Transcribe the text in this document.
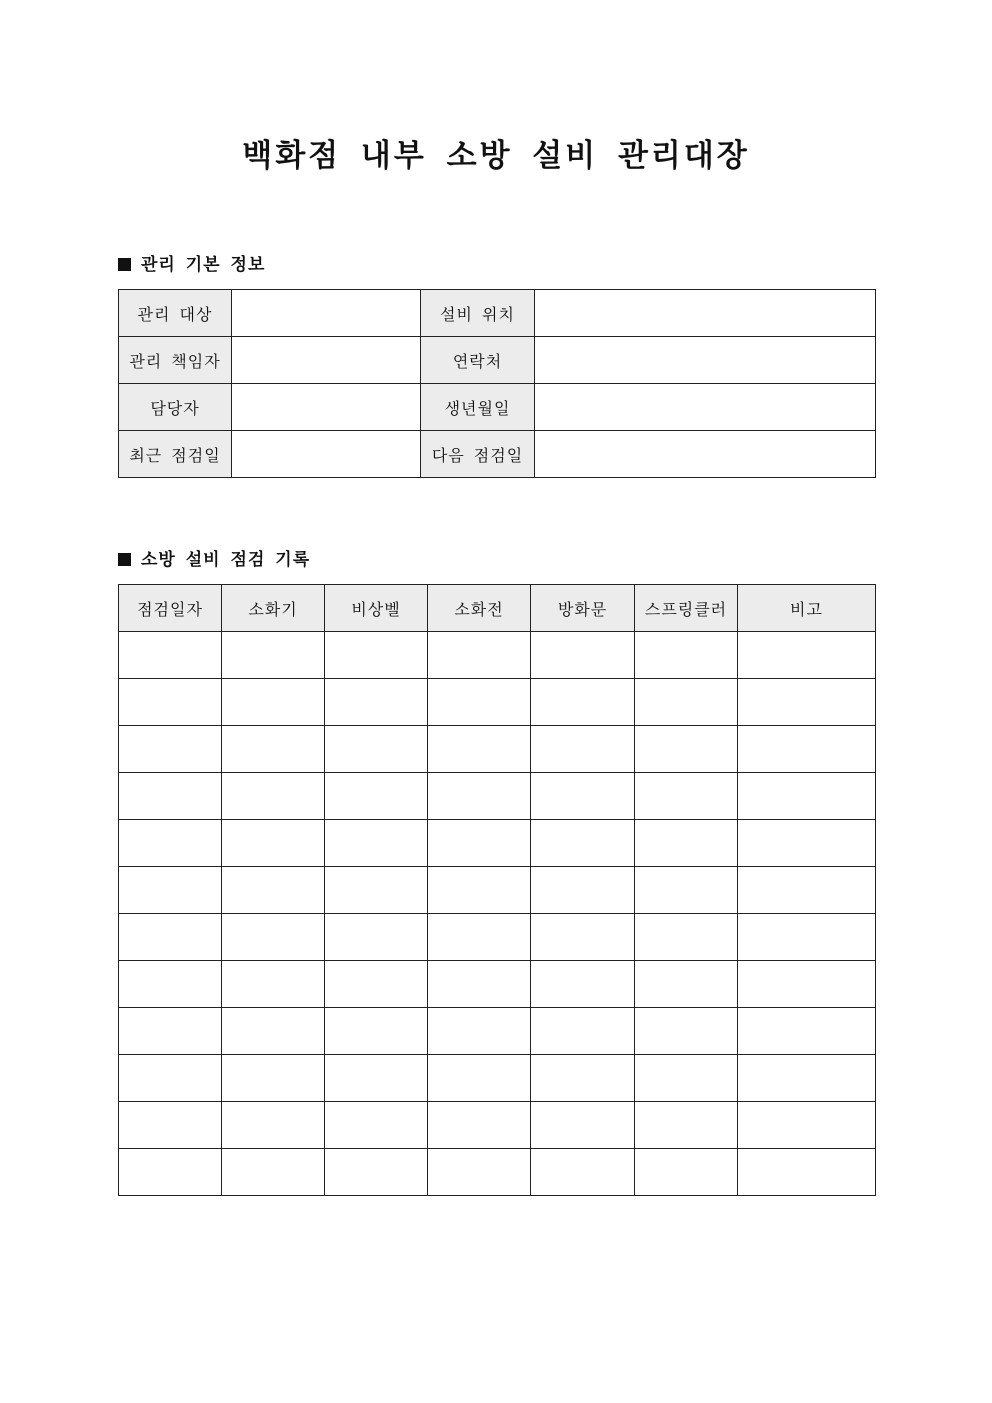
백화점 내부 소방 설비 관리대장
관리 기본 정보
관리 대상		설비 위치	
관리 책임자		연락처	
담당자		생년월일	
최근 점검일		다음 점검일	
소방 설비 점검 기록
점검일자	소화기	비상벨	소화전	방화문	스프링클러	비고
